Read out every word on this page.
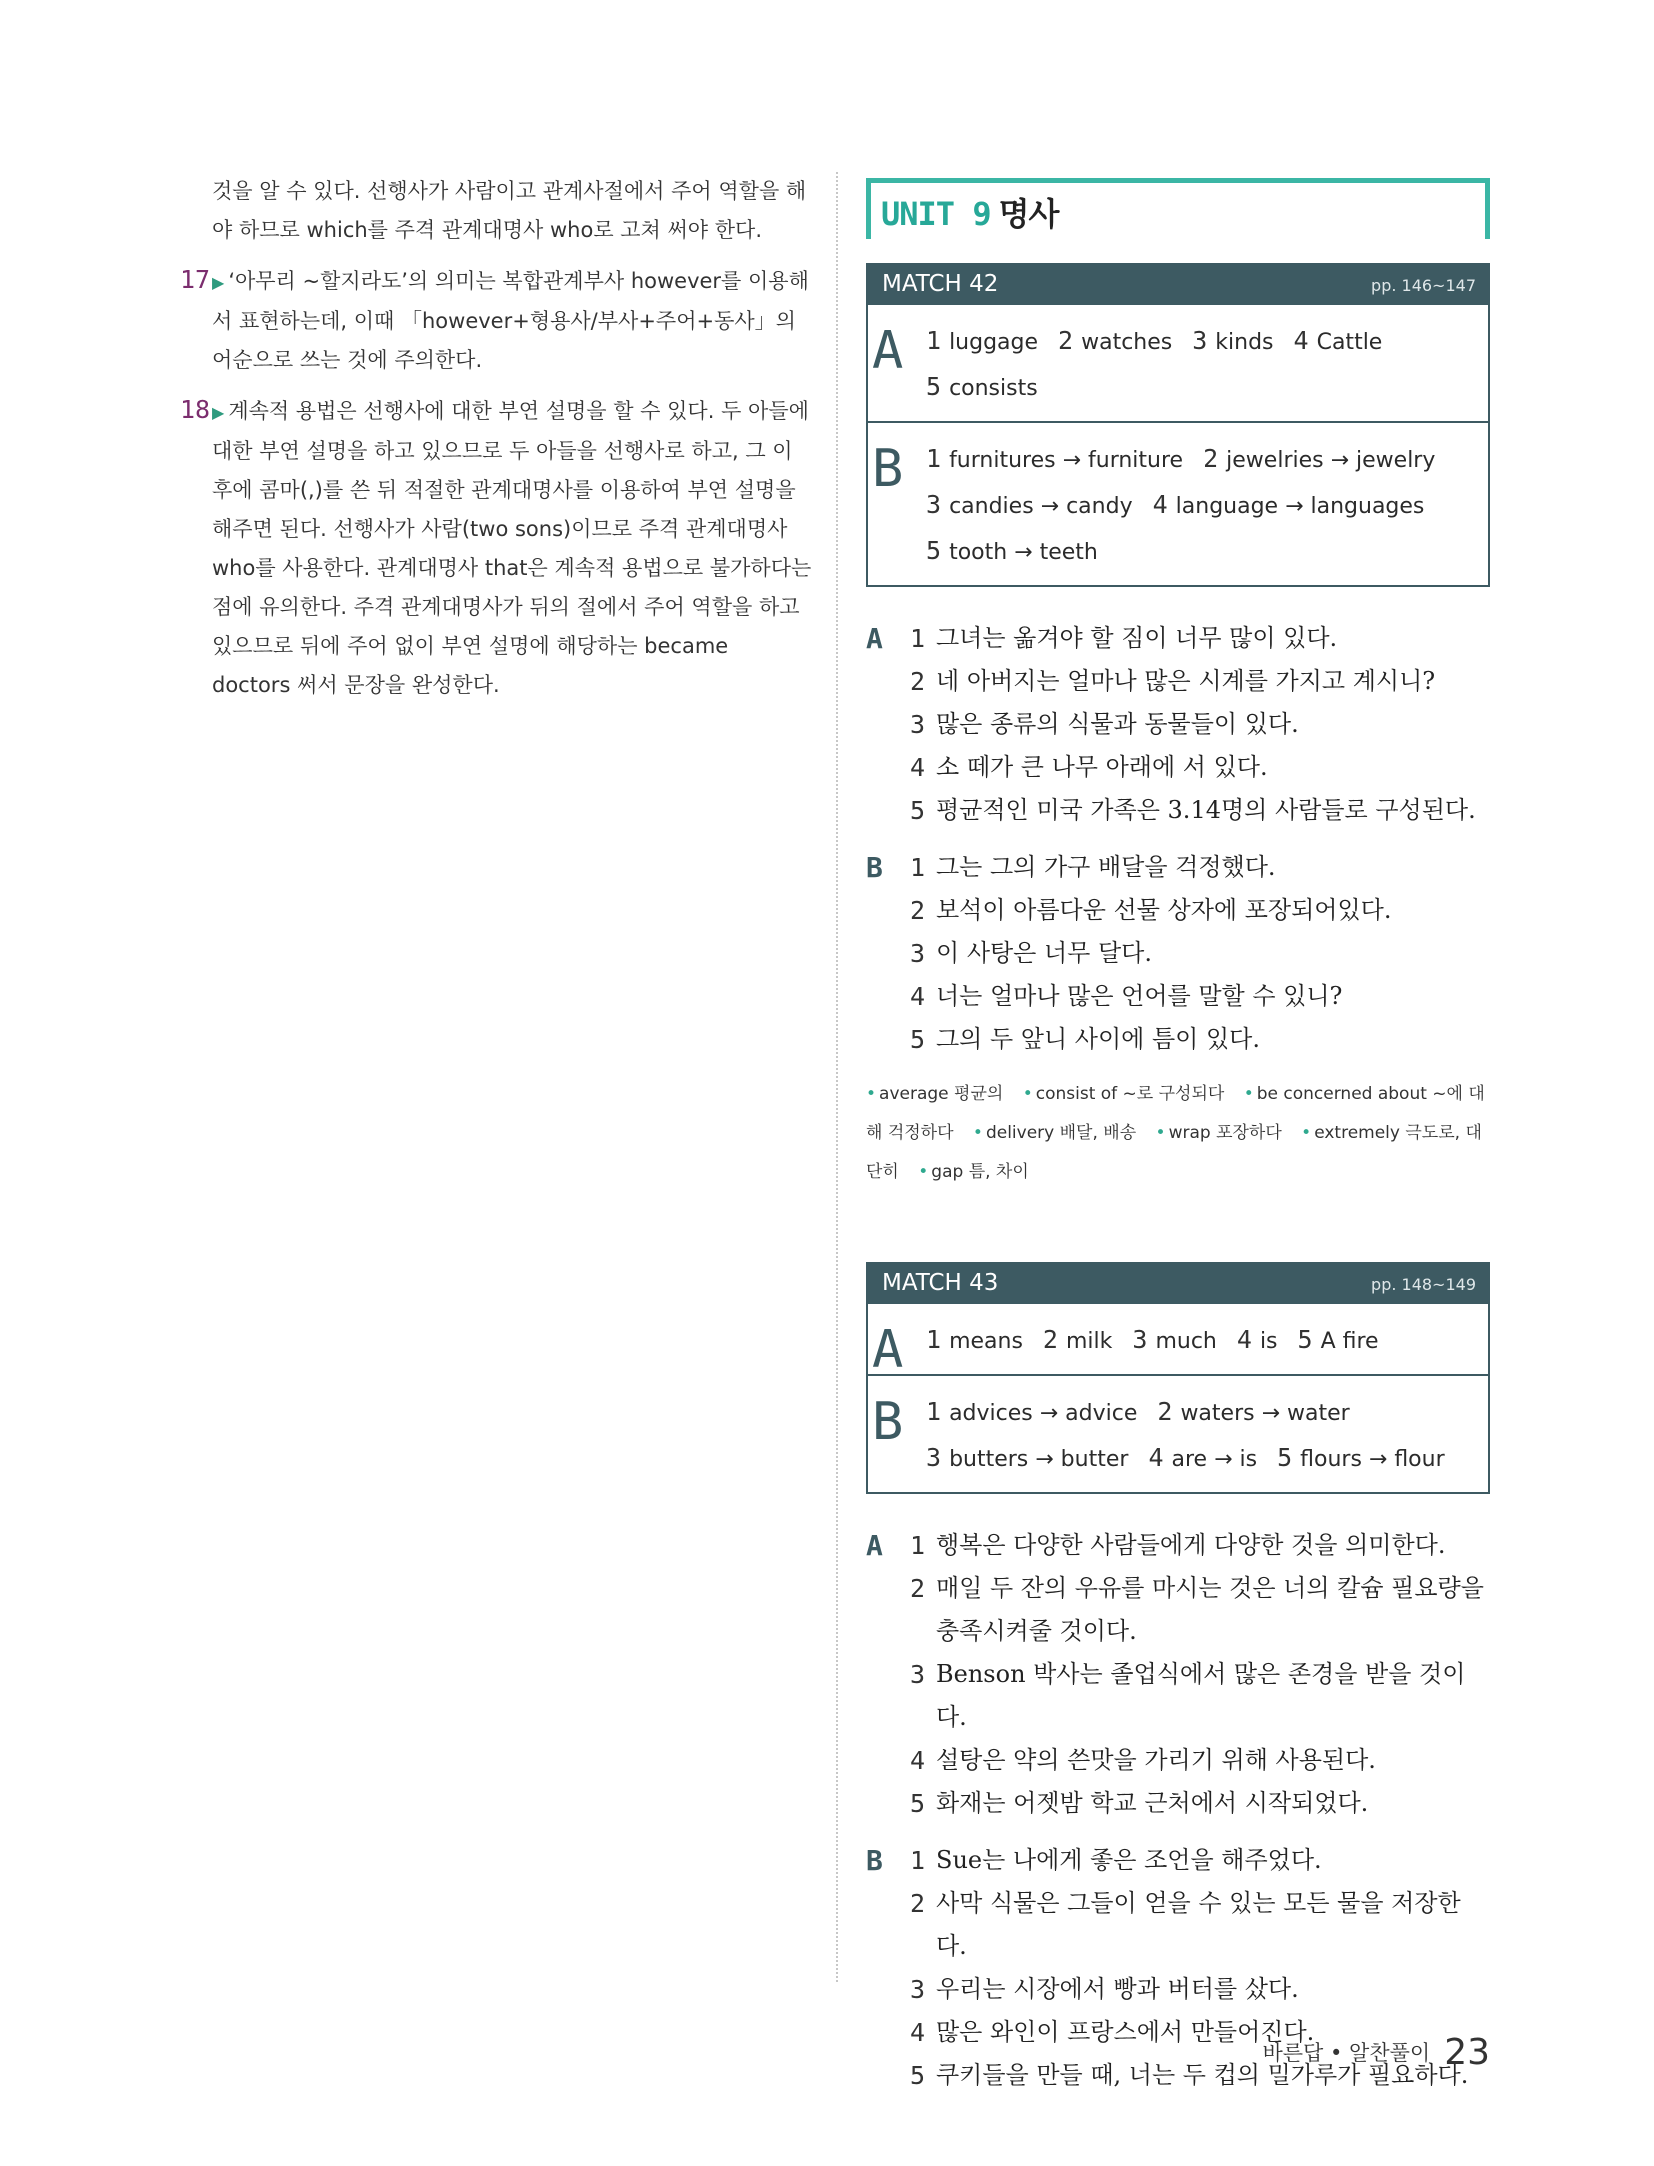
것을 알 수 있다. 선행사가 사람이고 관계사절에서 주어 역할을 해야 하므로 which를 주격 관계대명사 who로 고쳐 써야 한다.

17 ▶ ‘아무리 ~할지라도’의 의미는 복합관계부사 however를 이용해서 표현하는데, 이때 「however+형용사/부사+주어+동사」의 어순으로 쓰는 것에 주의한다.
18 ▶ 계속적 용법은 선행사에 대한 부연 설명을 할 수 있다. 두 아들에 대한 부연 설명을 하고 있으므로 두 아들을 선행사로 하고, 그 이후에 콤마(,)를 쓴 뒤 적절한 관계대명사를 이용하여 부연 설명을 해주면 된다. 선행사가 사람(two sons)이므로 주격 관계대명사 who를 사용한다. 관계대명사 that은 계속적 용법으로 불가하다는 점에 유의한다. 주격 관계대명사가 뒤의 절에서 주어 역할을 하고 있으므로 뒤에 주어 없이 부연 설명에 해당하는 became doctors 써서 문장을 완성한다.
UNIT 9 명사
MATCH 42	pp. 146~147
A 1 luggage 2 watches 3 kinds 4 Cattle5 consists
B 1 furnitures → furniture 2 jewelries → jewelry3 candies → candy 4 language → languages5 tooth → teeth
A 1 그녀는 옮겨야 할 짐이 너무 많이 있다.
2 네 아버지는 얼마나 많은 시계를 가지고 계시니?
3 많은 종류의 식물과 동물들이 있다.
4 소 떼가 큰 나무 아래에 서 있다.
5 평균적인 미국 가족은 3.14명의 사람들로 구성된다.
B 1 그는 그의 가구 배달을 걱정했다.
2 보석이 아름다운 선물 상자에 포장되어있다.
3 이 사탕은 너무 달다.
4 너는 얼마나 많은 언어를 말할 수 있니?
5 그의 두 앞니 사이에 틈이 있다.
• average 평균의 • consist of ~로 구성되다 • be concerned about ~에 대해 걱정하다 • delivery 배달, 배송 • wrap 포장하다 • extremely 극도로, 대단히 • gap 틈, 차이
MATCH 43	pp. 148~149
A 1 means 2 milk 3 much 4 is 5 A fire
B 1 advices → advice 2 waters → water3 butters → butter 4 are → is 5 flours → flour
A 1 행복은 다양한 사람들에게 다양한 것을 의미한다.
2 매일 두 잔의 우유를 마시는 것은 너의 칼슘 필요량을 충족시켜줄 것이다.
3 Benson 박사는 졸업식에서 많은 존경을 받을 것이다.
4 설탕은 약의 쓴맛을 가리기 위해 사용된다.
5 화재는 어젯밤 학교 근처에서 시작되었다.
B 1 Sue는 나에게 좋은 조언을 해주었다.
2 사막 식물은 그들이 얻을 수 있는 모든 물을 저장한다.
3 우리는 시장에서 빵과 버터를 샀다.
4 많은 와인이 프랑스에서 만들어진다.
5 쿠키들을 만들 때, 너는 두 컵의 밀가루가 필요하다.
바른답 • 알찬풀이 23
